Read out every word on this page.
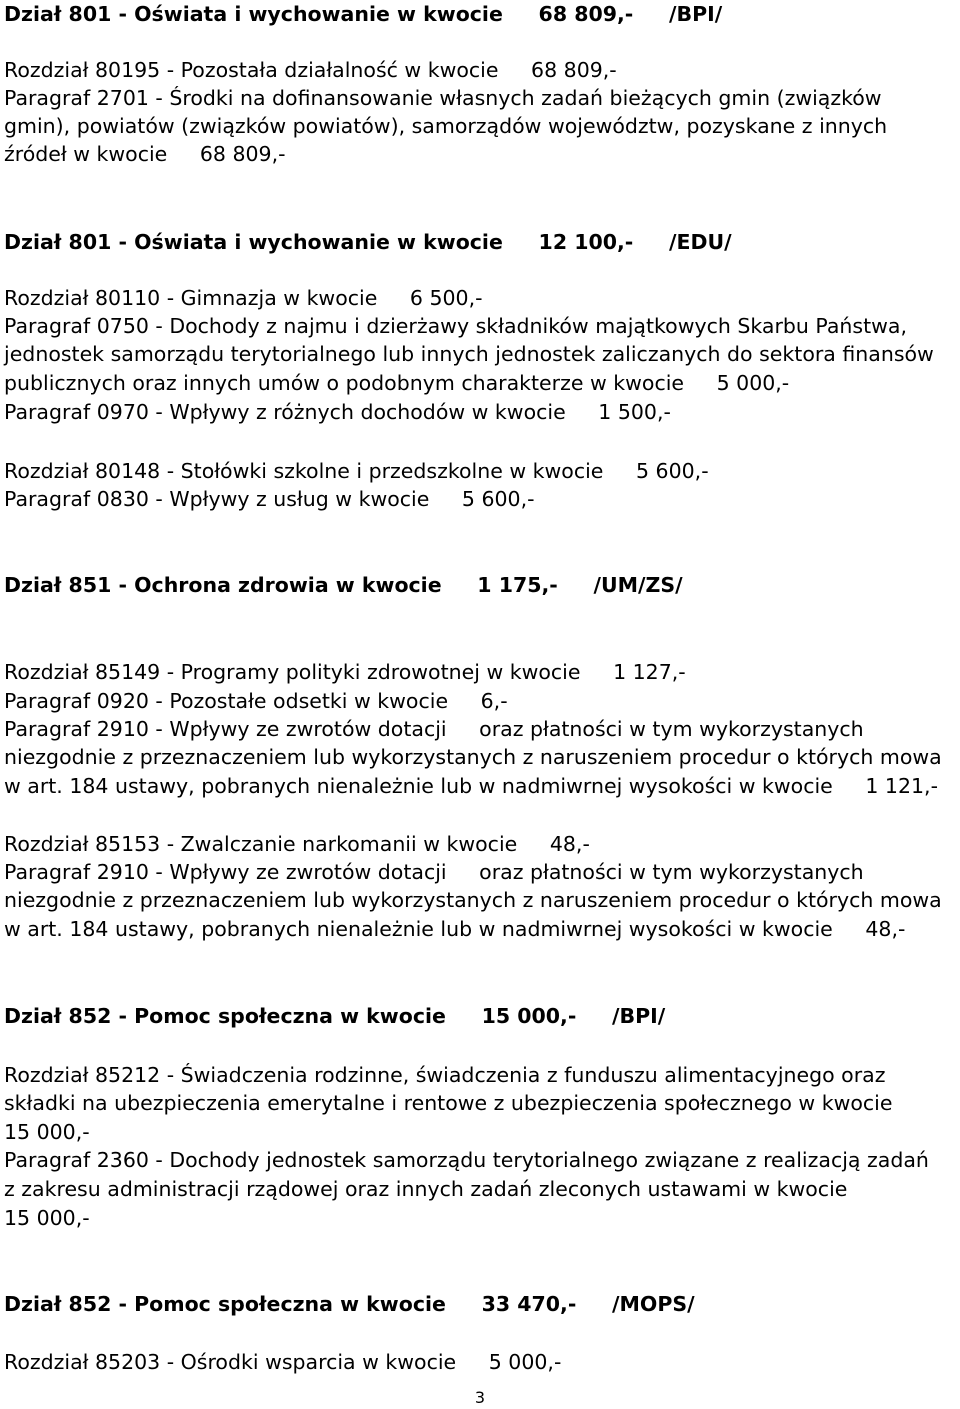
Dział 801 - Oświata i wychowanie w kwocie     68 809,-     /BPI/
Rozdział 80195 - Pozostała działalność w kwocie     68 809,-
Paragraf 2701 - Środki na dofinansowanie własnych zadań bieżących gmin (związków
gmin), powiatów (związków powiatów), samorządów województw, pozyskane z innych
źródeł w kwocie     68 809,-
Dział 801 - Oświata i wychowanie w kwocie     12 100,-     /EDU/
Rozdział 80110 - Gimnazja w kwocie     6 500,-
Paragraf 0750 - Dochody z najmu i dzierżawy składników majątkowych Skarbu Państwa,
jednostek samorządu terytorialnego lub innych jednostek zaliczanych do sektora finansów
publicznych oraz innych umów o podobnym charakterze w kwocie     5 000,-
Paragraf 0970 - Wpływy z różnych dochodów w kwocie     1 500,-
Rozdział 80148 - Stołówki szkolne i przedszkolne w kwocie     5 600,-
Paragraf 0830 - Wpływy z usług w kwocie     5 600,-
Dział 851 - Ochrona zdrowia w kwocie     1 175,-     /UM/ZS/
Rozdział 85149 - Programy polityki zdrowotnej w kwocie     1 127,-
Paragraf 0920 - Pozostałe odsetki w kwocie     6,-
Paragraf 2910 - Wpływy ze zwrotów dotacji     oraz płatności w tym wykorzystanych
niezgodnie z przeznaczeniem lub wykorzystanych z naruszeniem procedur o których mowa
w art. 184 ustawy, pobranych nienależnie lub w nadmiwrnej wysokości w kwocie     1 121,-
Rozdział 85153 - Zwalczanie narkomanii w kwocie     48,-
Paragraf 2910 - Wpływy ze zwrotów dotacji     oraz płatności w tym wykorzystanych
niezgodnie z przeznaczeniem lub wykorzystanych z naruszeniem procedur o których mowa
w art. 184 ustawy, pobranych nienależnie lub w nadmiwrnej wysokości w kwocie     48,-
Dział 852 - Pomoc społeczna w kwocie     15 000,-     /BPI/
Rozdział 85212 - Świadczenia rodzinne, świadczenia z funduszu alimentacyjnego oraz
składki na ubezpieczenia emerytalne i rentowe z ubezpieczenia społecznego w kwocie
15 000,-
Paragraf 2360 - Dochody jednostek samorządu terytorialnego związane z realizacją zadań
z zakresu administracji rządowej oraz innych zadań zleconych ustawami w kwocie
15 000,-
Dział 852 - Pomoc społeczna w kwocie     33 470,-     /MOPS/
Rozdział 85203 - Ośrodki wsparcia w kwocie     5 000,-
3
